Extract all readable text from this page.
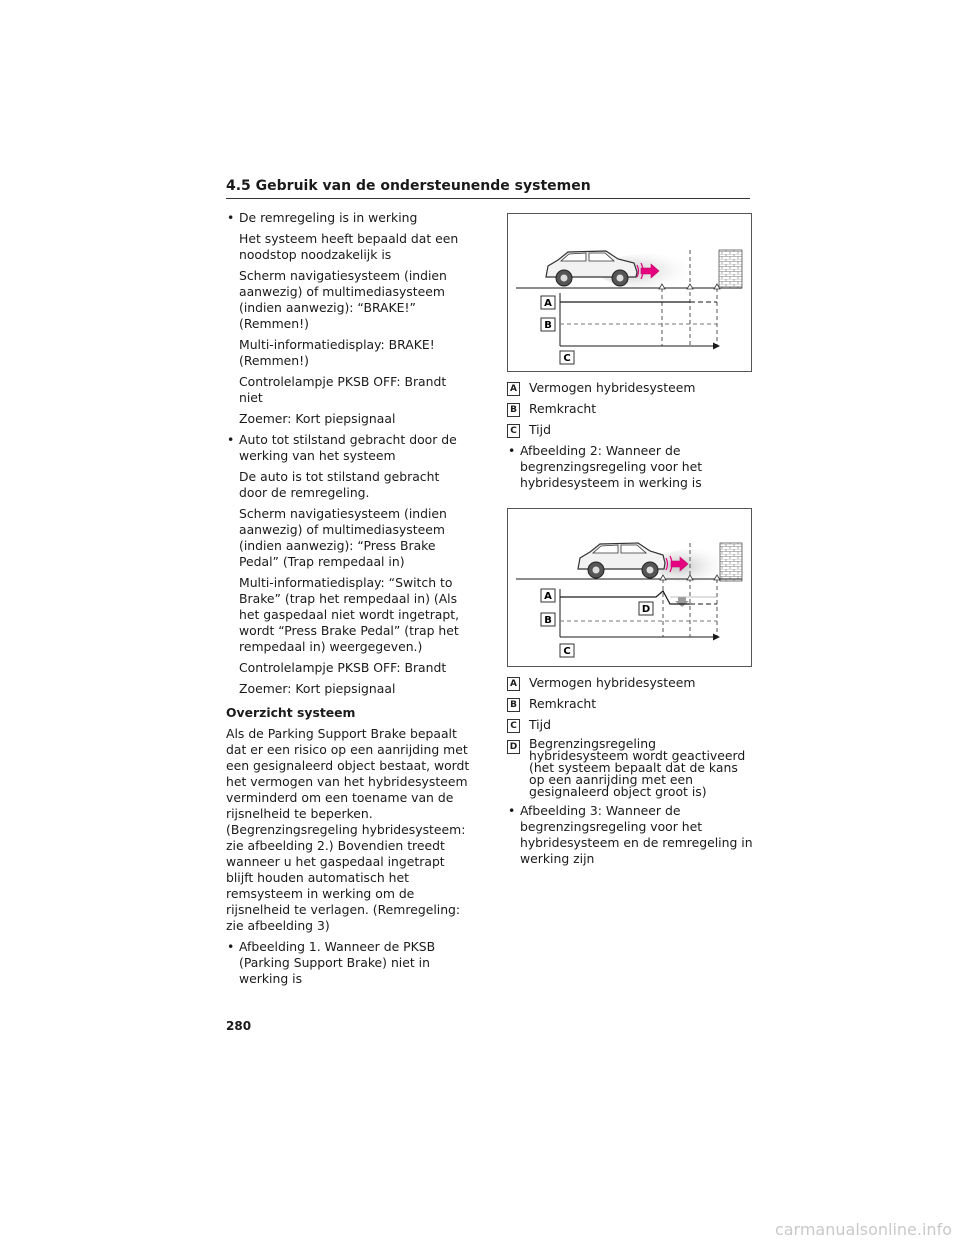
4.5 Gebruik van de ondersteunende systemen
• De remregeling is in werking
Het systeem heeft bepaald dat een noodstop noodzakelijk is
Scherm navigatiesysteem (indien aanwezig) of multimediasysteem (indien aanwezig): “BRAKE!” (Remmen!)
Multi-informatiedisplay: BRAKE! (Remmen!)
Controlelampje PKSB OFF: Brandt niet
Zoemer: Kort piepsignaal
• Auto tot stilstand gebracht door de werking van het systeem
De auto is tot stilstand gebracht door de remregeling.
Scherm navigatiesysteem (indien aanwezig) of multimediasysteem (indien aanwezig): “Press Brake Pedal” (Trap rempedaal in)
Multi-informatiedisplay: “Switch to Brake” (trap het rempedaal in) (Als het gaspedaal niet wordt ingetrapt, wordt “Press Brake Pedal” (trap het rempedaal in) weergegeven.)
Controlelampje PKSB OFF: Brandt
Zoemer: Kort piepsignaal
Overzicht systeem
Als de Parking Support Brake bepaalt dat er een risico op een aanrijding met een gesignaleerd object bestaat, wordt het vermogen van het hybridesysteem verminderd om een toename van de rijsnelheid te beperken. (Begrenzingsregeling hybridesysteem: zie afbeelding 2.) Bovendien treedt wanneer u het gaspedaal ingetrapt blijft houden automatisch het remsysteem in werking om de rijsnelheid te verlagen. (Remregeling: zie afbeelding 3)
• Afbeelding 1. Wanneer de PKSB (Parking Support Brake) niet in werking is
A
B
C
A Vermogen hybridesysteem
B Remkracht
C Tijd
• Afbeelding 2: Wanneer de begrenzingsregeling voor het hybridesysteem in werking is
A
B
D
C
A Vermogen hybridesysteem
B Remkracht
C Tijd
D Begrenzingsregeling hybridesysteem wordt geactiveerd (het systeem bepaalt dat de kans op een aanrijding met een gesignaleerd object groot is)
• Afbeelding 3: Wanneer de begrenzingsregeling voor het hybridesysteem en de remregeling in werking zijn
280
carmanualsonline.info
